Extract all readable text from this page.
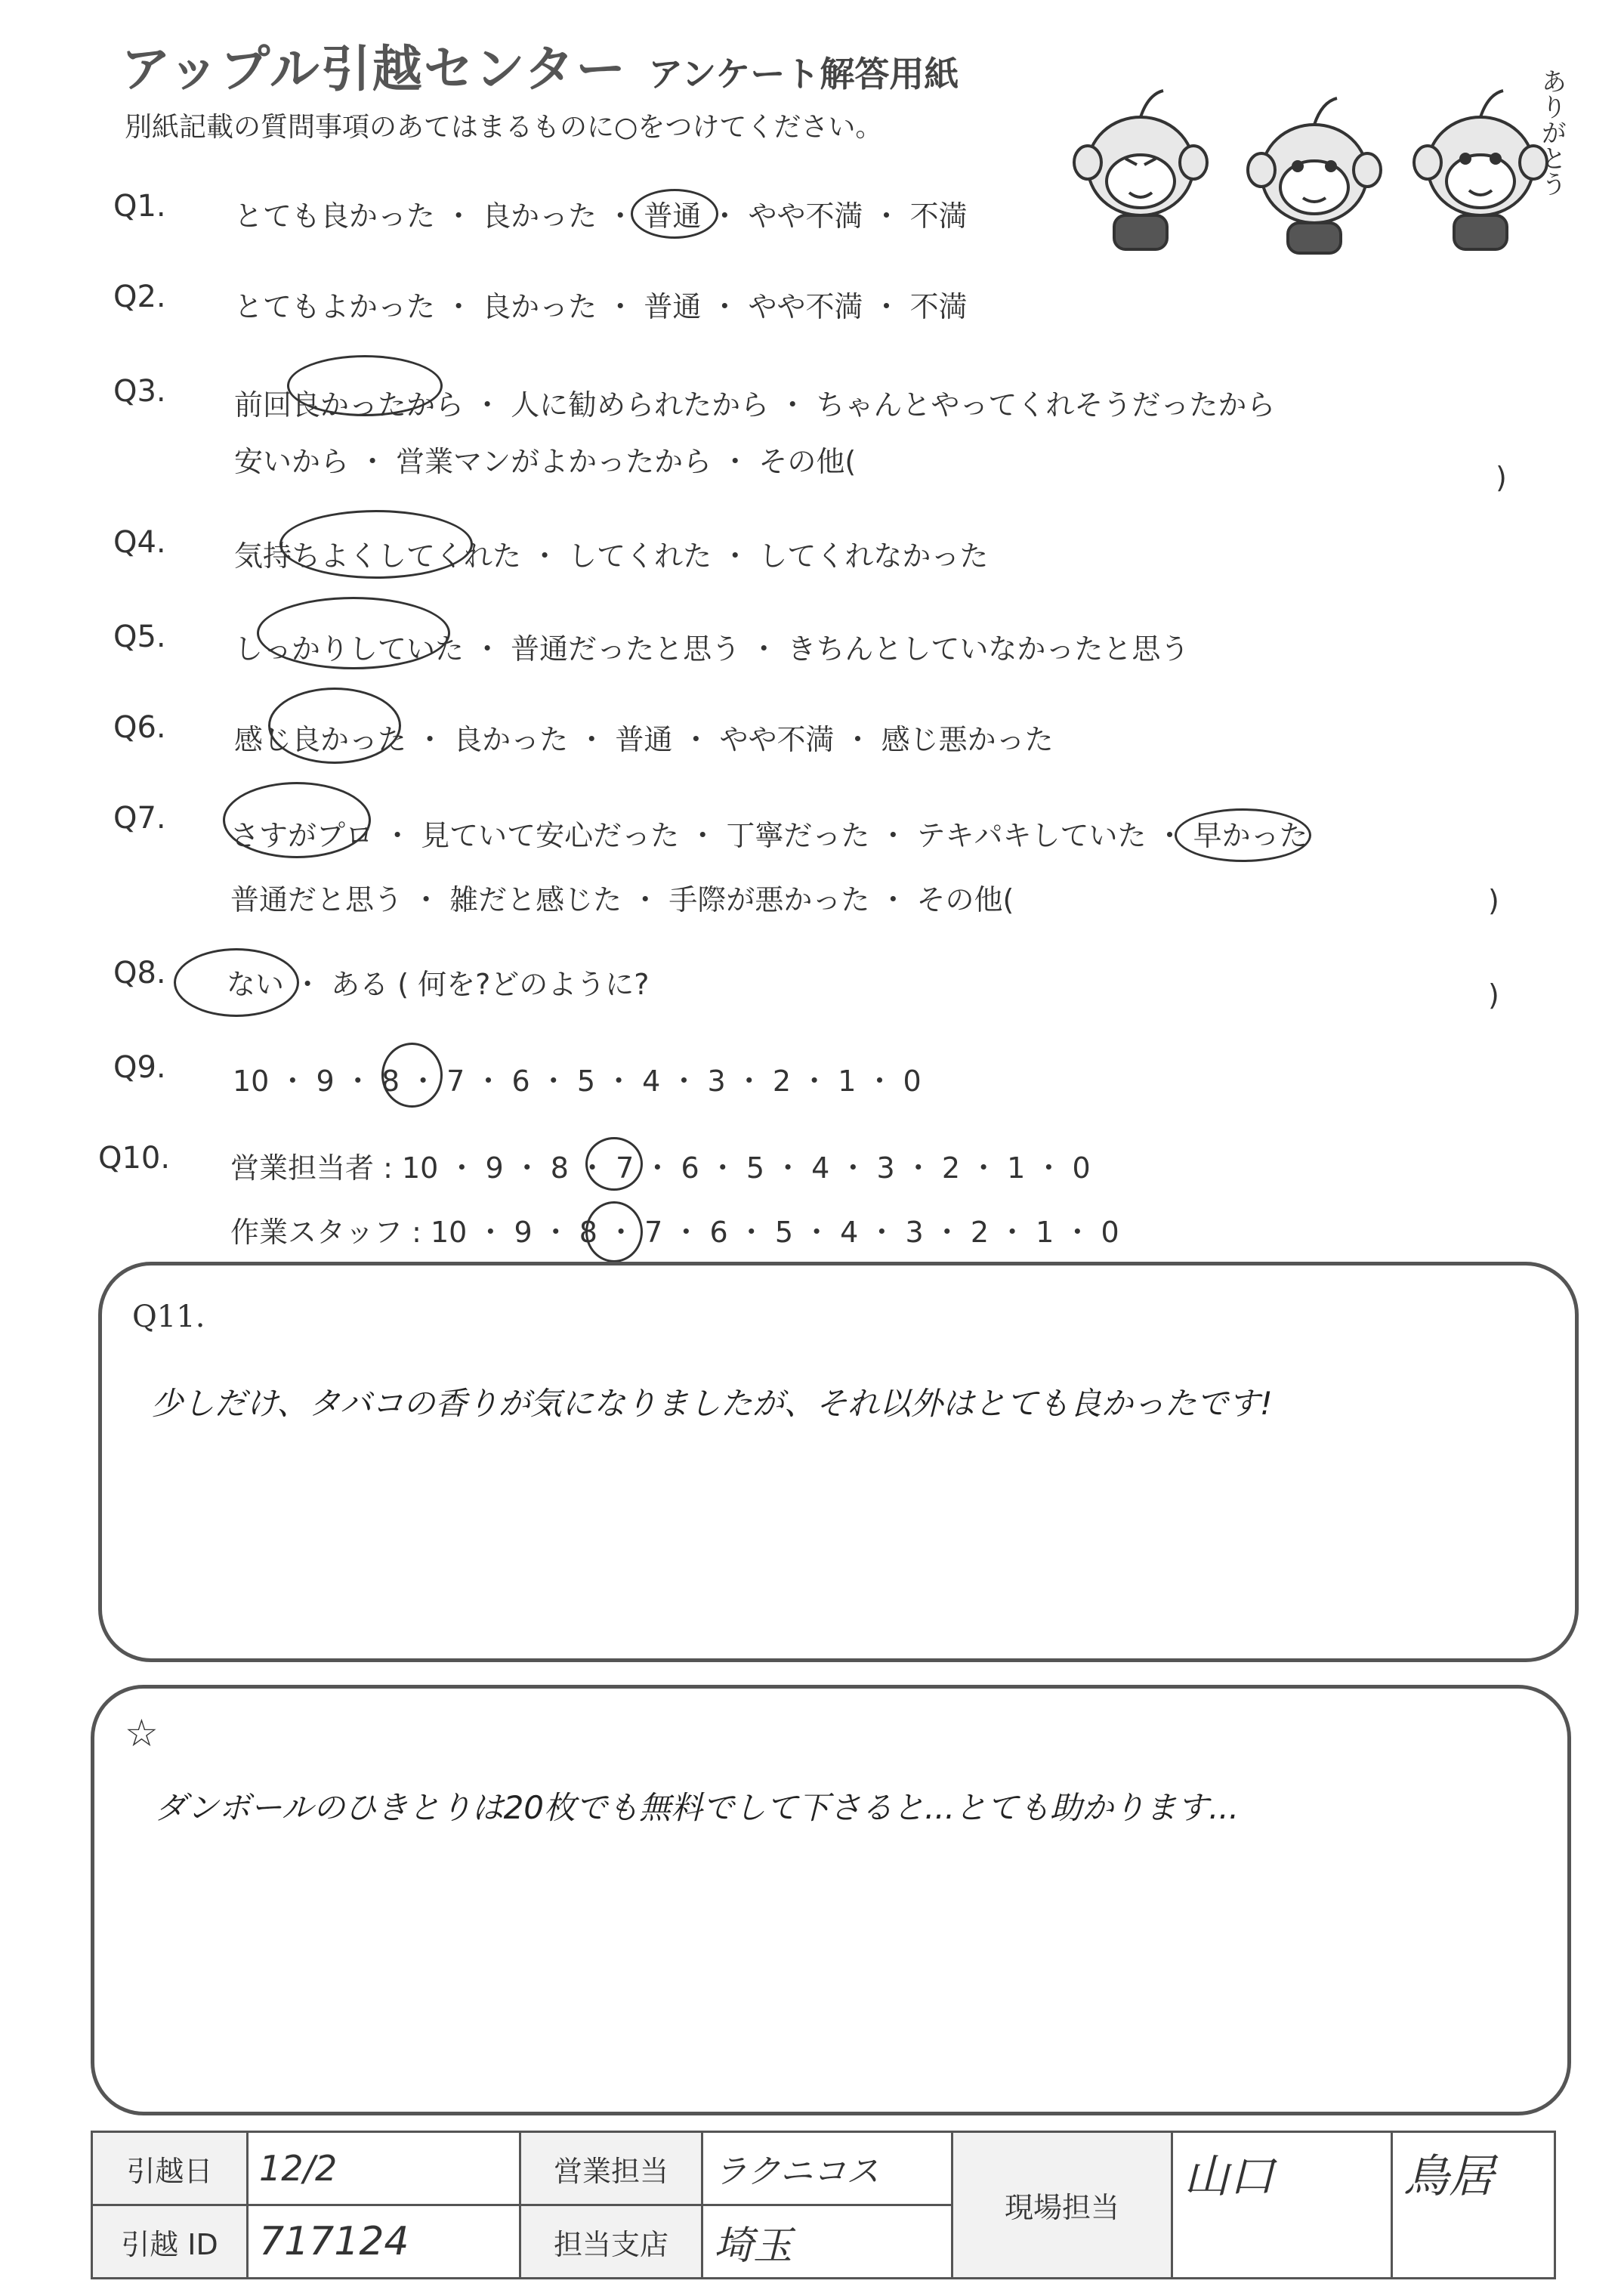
アップル引越センター アンケート解答用紙
別紙記載の質問事項のあてはまるものに○をつけてください。	ありがとう
Q1. とても良かった ・ 良かった ・ 普通 ・ やや不満 ・ 不満
Q2. とてもよかった ・ 良かった ・ 普通 ・ やや不満 ・ 不満
Q3. 前回良かったから ・ 人に勧められたから ・ ちゃんとやってくれそうだったから
安いから ・ 営業マンがよかったから ・ その他(	)
Q4. 気持ちよくしてくれた ・ してくれた ・ してくれなかった
Q5. しっかりしていた ・ 普通だったと思う ・ きちんとしていなかったと思う
Q6. 感じ良かった ・ 良かった ・ 普通 ・ やや不満 ・ 感じ悪かった
Q7. さすがプロ ・ 見ていて安心だった ・ 丁寧だった ・ テキパキしていた ・ 早かった
普通だと思う ・ 雑だと感じた ・ 手際が悪かった ・ その他(	)
Q8. ない ・ ある ( 何を?どのように?	)
Q9. 10 ・ 9 ・ 8 ・ 7 ・ 6 ・ 5 ・ 4 ・ 3 ・ 2 ・ 1 ・ 0
Q10. 営業担当者 : 10 ・ 9 ・ 8 ・ 7 ・ 6 ・ 5 ・ 4 ・ 3 ・ 2 ・ 1 ・ 0
作業スタッフ : 10 ・ 9 ・ 8 ・ 7 ・ 6 ・ 5 ・ 4 ・ 3 ・ 2 ・ 1 ・ 0
Q11.
少しだけ、タバコの香りが気になりましたが、それ以外はとても良かったです!
☆
ダンボールのひきとりは20枚でも無料でして下さると...とても助かります...
引越日	12/2	営業担当	ラクニコス	現場担当	山口	鳥居
引越 ID	717124	担当支店	埼玉			
